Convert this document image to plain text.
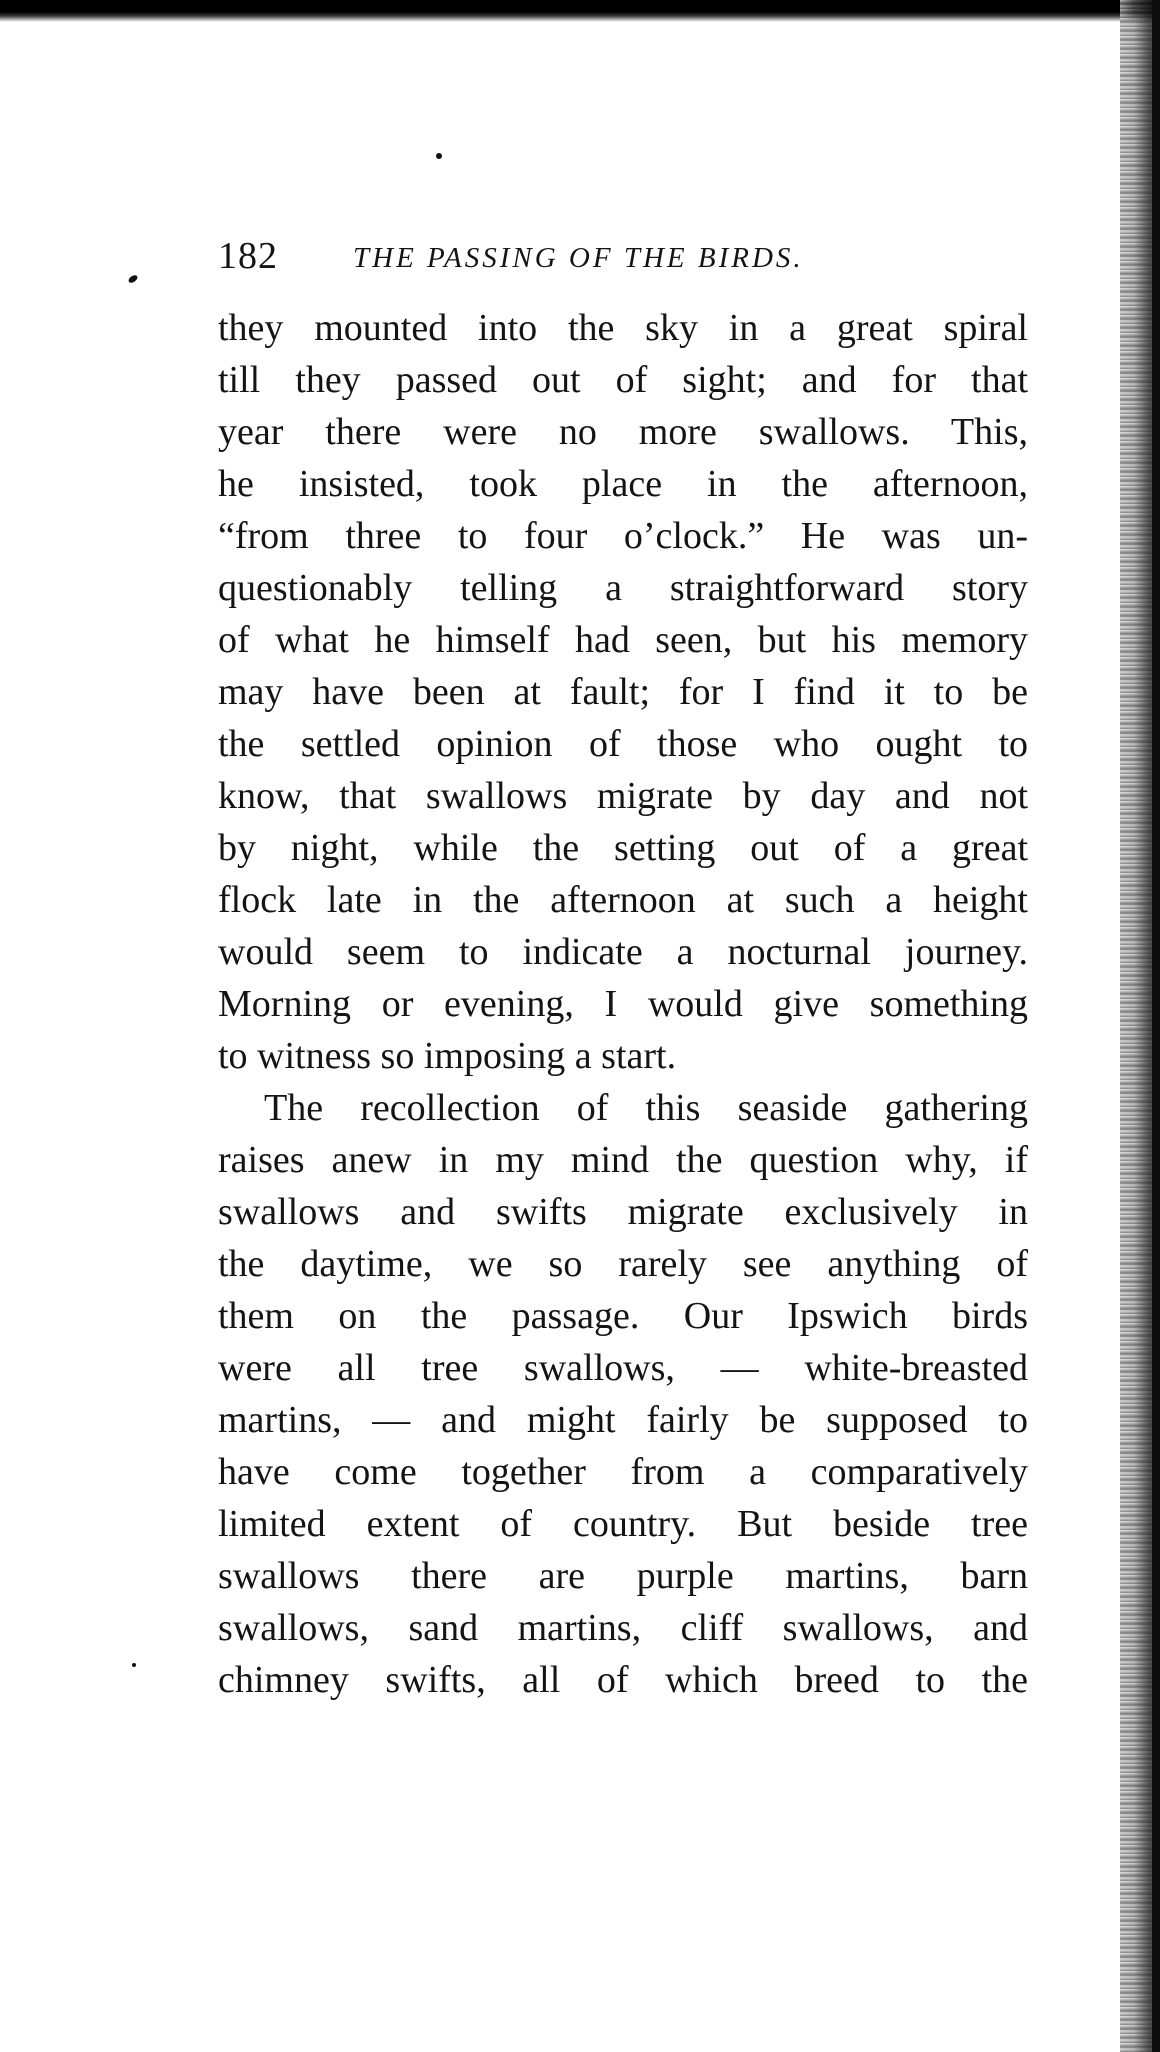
182	THE PASSING OF THE BIRDS.
they mounted into the sky in a great spiral
till they passed out of sight; and for that
year there were no more swallows. This,
he insisted, took place in the afternoon,
“from three to four o’clock.” He was un-
questionably telling a straightforward story
of what he himself had seen, but his memory
may have been at fault; for I find it to be
the settled opinion of those who ought to
know, that swallows migrate by day and not
by night, while the setting out of a great
flock late in the afternoon at such a height
would seem to indicate a nocturnal journey.
Morning or evening, I would give something
to witness so imposing a start.
The recollection of this seaside gathering
raises anew in my mind the question why, if
swallows and swifts migrate exclusively in
the daytime, we so rarely see anything of
them on the passage. Our Ipswich birds
were all tree swallows, — white-breasted
martins, — and might fairly be supposed to
have come together from a comparatively
limited extent of country. But beside tree
swallows there are purple martins, barn
swallows, sand martins, cliff swallows, and
chimney swifts, all of which breed to the
